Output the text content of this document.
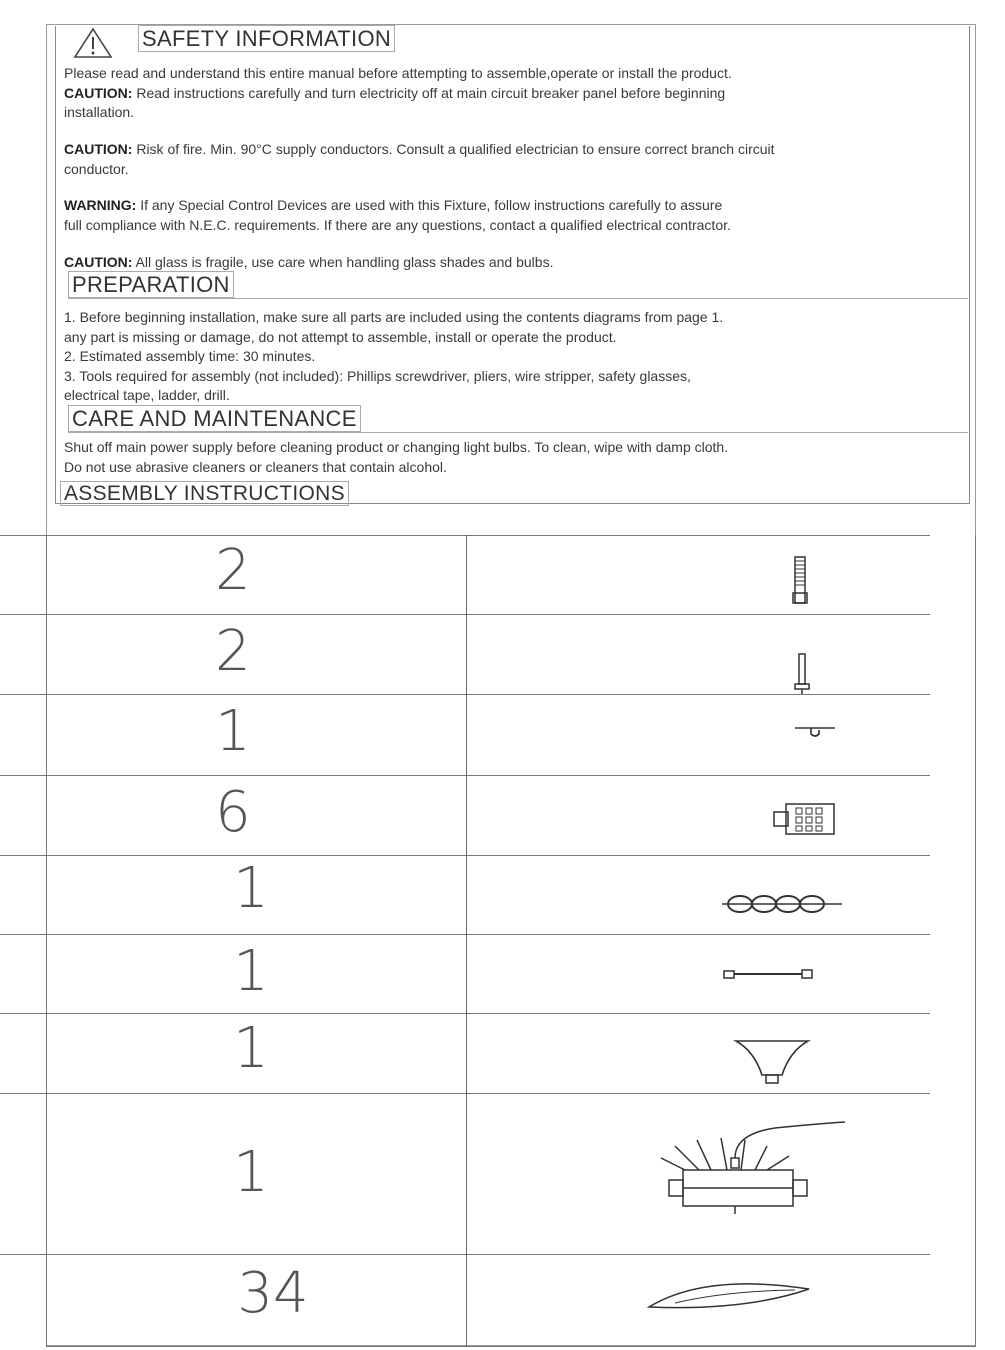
SAFETY INFORMATION
Please read and understand this entire manual before attempting to assemble,operate or install the product.
CAUTION: Read instructions carefully and turn electricity off at main circuit breaker panel before beginning
installation.
CAUTION: Risk of fire. Min. 90°C supply conductors. Consult a qualified electrician to ensure correct branch circuit
conductor.
WARNING: If any Special Control Devices are used with this Fixture, follow instructions carefully to assure
full compliance with N.E.C. requirements. If there are any questions, contact a qualified electrical contractor.
CAUTION: All glass is fragile, use care when handling glass shades and bulbs.
PREPARATION
1. Before beginning installation, make sure all parts are included using the contents diagrams from page 1.
any part is missing or damage, do not attempt to assemble, install or operate the product.
2. Estimated assembly time: 30 minutes.
3. Tools required for assembly (not included): Phillips screwdriver, pliers, wire stripper, safety glasses,
electrical tape, ladder, drill.
CARE AND MAINTENANCE
Shut off main power supply before cleaning product or changing light bulbs. To clean, wipe with damp cloth.
Do not use abrasive cleaners or cleaners that contain alcohol.
ASSEMBLY INSTRUCTIONS
2
2
1
6
1
1
1
1
34
